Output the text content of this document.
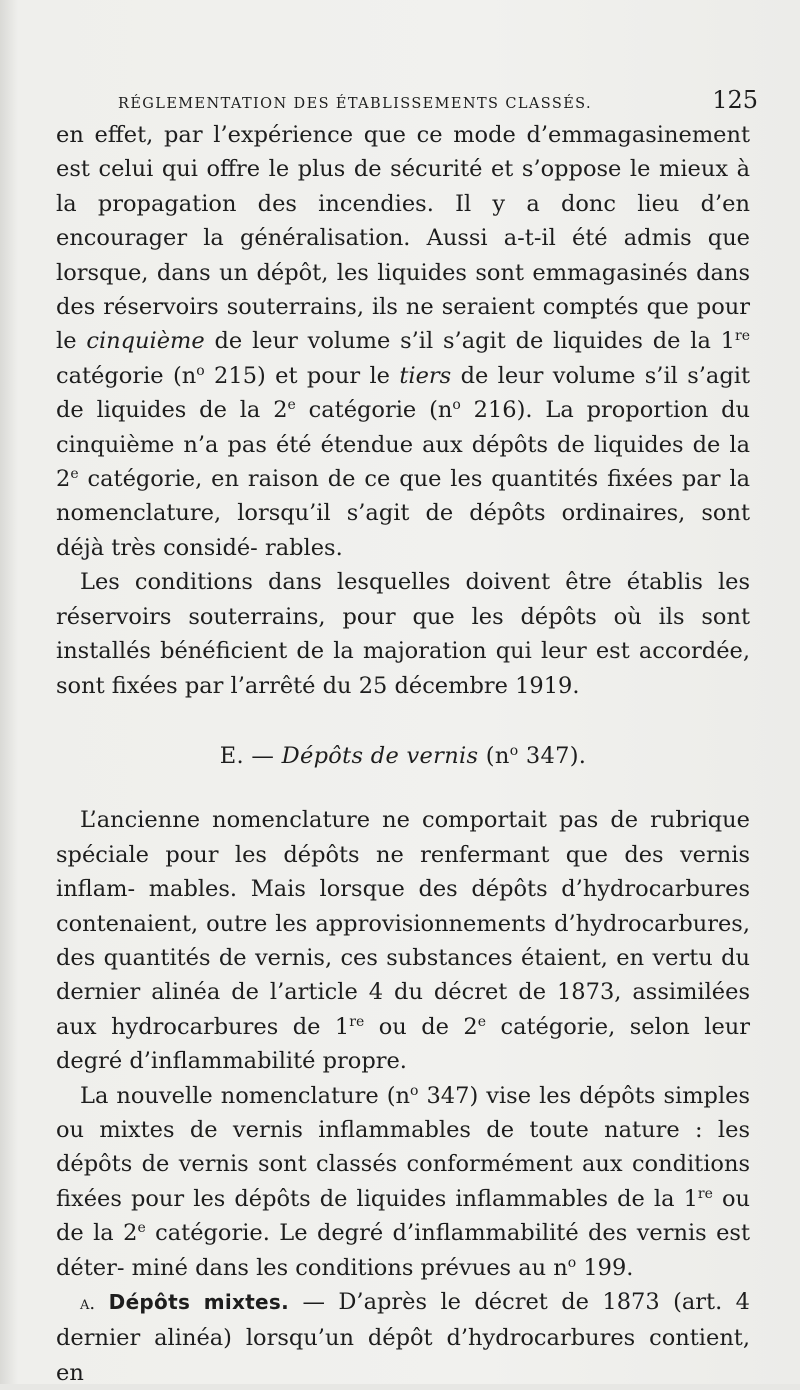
RÉGLEMENTATION DES ÉTABLISSEMENTS CLASSÉS.	125

en effet, par l’expérience que ce mode d’emmagasinement est celui qui offre le plus de sécurité et s’oppose le mieux à la propagation des incendies. Il y a donc lieu d’en encourager la généralisation. Aussi a-t-il été admis que lorsque, dans un dépôt, les liquides sont emmagasinés dans des réservoirs souterrains, ils ne seraient comptés que pour le cinquième de leur volume s’il s’agit de liquides de la 1re catégorie ($n^o$ 215) et pour le tiers de leur volume s’il s’agit de liquides de la 2e catégorie ($n^o$ 216). La proportion du cinquième n’a pas été étendue aux dépôts de liquides de la 2e catégorie, en raison de ce que les quantités fixées par la nomenclature, lorsqu’il s’agit de dépôts ordinaires, sont déjà très considé- rables.

Les conditions dans lesquelles doivent être établis les réservoirs souterrains, pour que les dépôts où ils sont installés bénéficient de la majoration qui leur est accordée, sont fixées par l’arrêté du 25 décembre 1919.

E. — Dépôts de vernis ($n^o$ 347).

L’ancienne nomenclature ne comportait pas de rubrique spéciale pour les dépôts ne renfermant que des vernis inflam- mables. Mais lorsque des dépôts d’hydrocarbures contenaient, outre les approvisionnements d’hydrocarbures, des quantités de vernis, ces substances étaient, en vertu du dernier alinéa de l’article 4 du décret de 1873, assimilées aux hydrocarbures de 1re ou de 2e catégorie, selon leur degré d’inflammabilité propre.

La nouvelle nomenclature ($n^o$ 347) vise les dépôts simples ou mixtes de vernis inflammables de toute nature : les dépôts de vernis sont classés conformément aux conditions fixées pour les dépôts de liquides inflammables de la 1re ou de la 2e catégorie. Le degré d’inflammabilité des vernis est déter- miné dans les conditions prévues au $n^o$ 199.

a. Dépôts mixtes. — D’après le décret de 1873 (art. 4 dernier alinéa) lorsqu’un dépôt d’hydrocarbures contient, en
